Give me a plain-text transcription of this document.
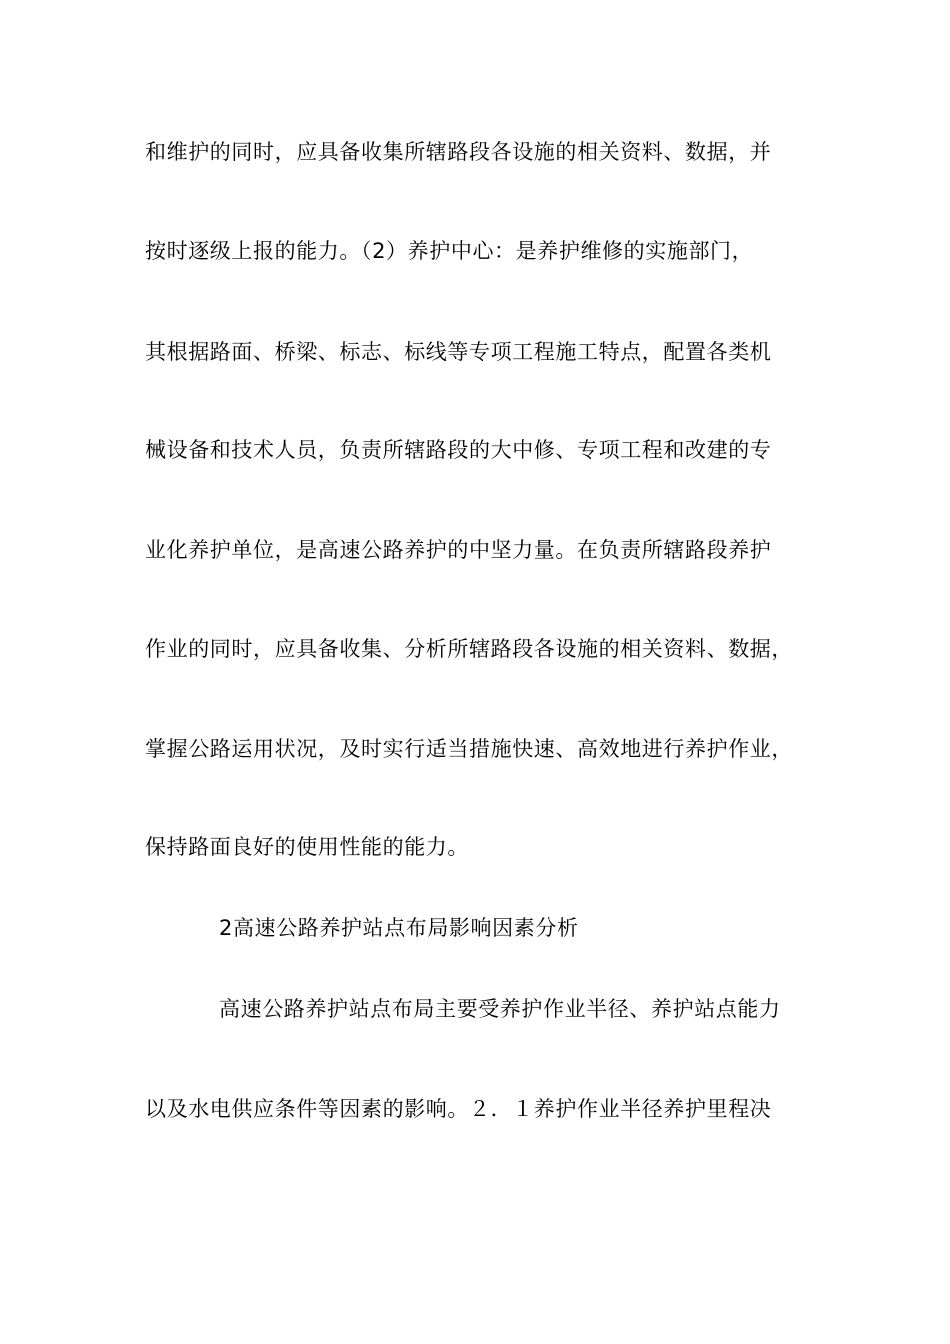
和维护的同时，应具备收集所辖路段各设施的相关资料、数据，并
按时逐级上报的能力。（2）养护中心：是养护维修的实施部门，
其根据路面、桥梁、标志、标线等专项工程施工特点，配置各类机
械设备和技术人员，负责所辖路段的大中修、专项工程和改建的专
业化养护单位，是高速公路养护的中坚力量。在负责所辖路段养护
作业的同时，应具备收集、分析所辖路段各设施的相关资料、数据，
掌握公路运用状况，及时实行适当措施快速、高效地进行养护作业，
保持路面良好的使用性能的能力。
2高速公路养护站点布局影响因素分析
高速公路养护站点布局主要受养护作业半径、养护站点能力
以及水电供应条件等因素的影响。２．１养护作业半径养护里程决
